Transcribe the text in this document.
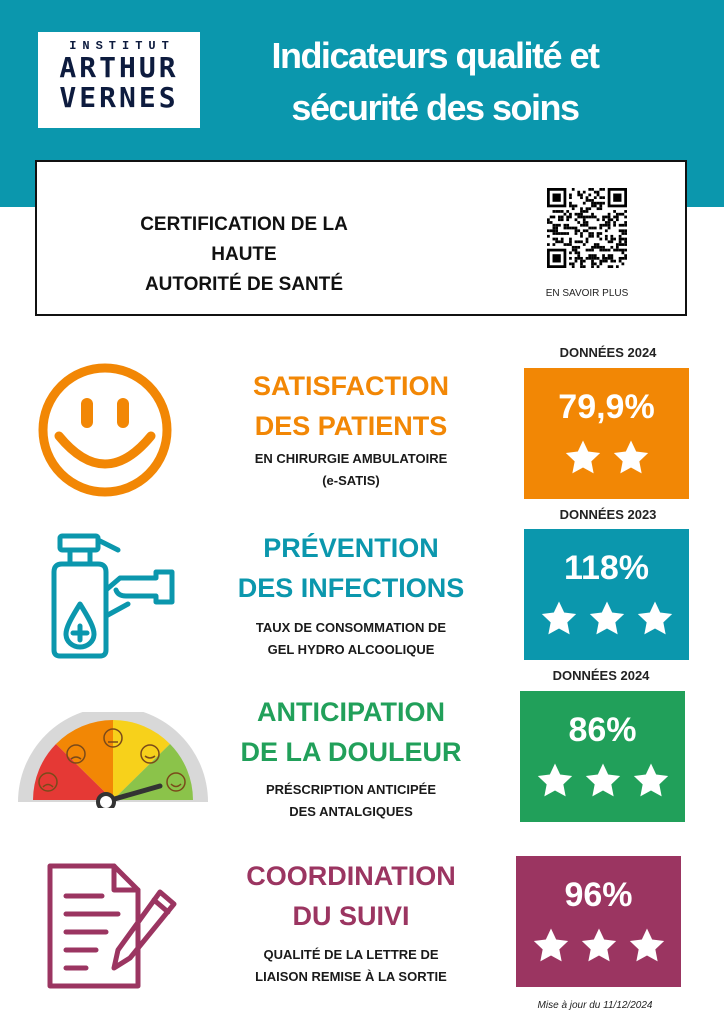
INSTITUT
ARTHUR
VERNES
Indicateurs qualité et
sécurité des soins
CERTIFICATION DE LA HAUTE
AUTORITÉ DE SANTÉ	EN SAVOIR PLUS
DONNÉES 2024
SATISFACTION
DES PATIENTS
EN CHIRURGIE AMBULATOIRE
(e-SATIS)
79,9%
DONNÉES 2023
PRÉVENTION
DES INFECTIONS
TAUX DE CONSOMMATION DE
GEL HYDRO ALCOOLIQUE
118%
DONNÉES 2024
ANTICIPATION
DE LA DOULEUR
PRÉSCRIPTION ANTICIPÉE
DES ANTALGIQUES
86%
COORDINATION
DU SUIVI
QUALITÉ DE LA LETTRE DE
LIAISON REMISE À LA SORTIE
96%
Mise à jour du 11/12/2024
